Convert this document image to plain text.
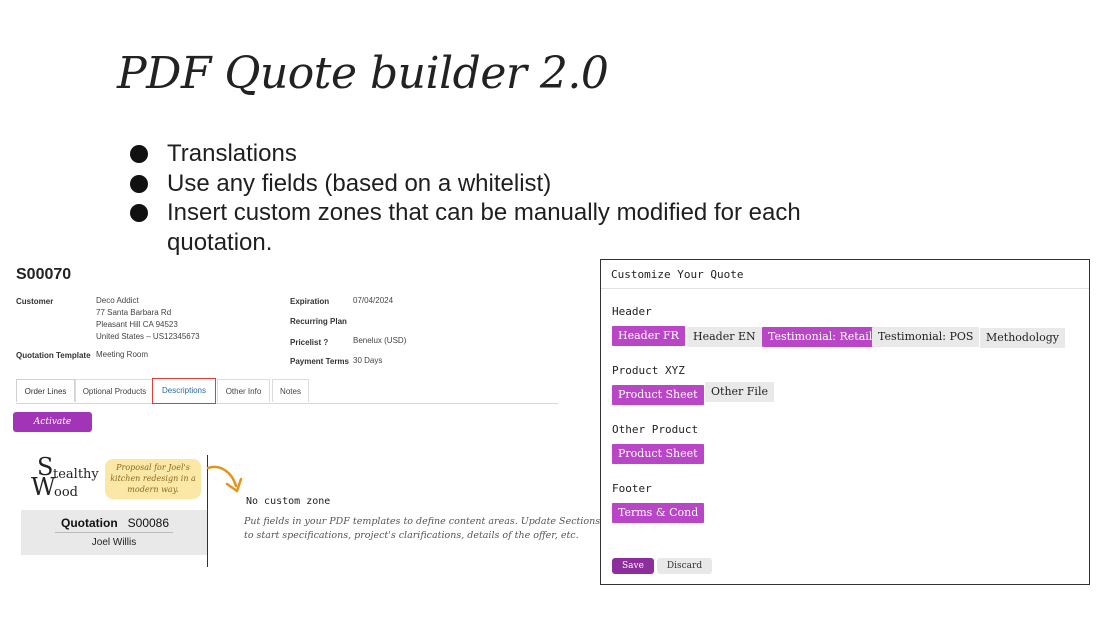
PDF Quote builder 2.0
Translations
Use any fields (based on a whitelist)
Insert custom zones that can be manually modified for each quotation.
S00070
Customer	Deco Addict
77 Santa Barbara Rd
Pleasant Hill CA 94523
United States – US12345673
Quotation Template Meeting Room
Expiration	07/04/2024
Recurring Plan
Pricelist ?	Benelux (USD)
Payment Terms 30 Days
Order Lines	Optional Products	Descriptions	Other Info	Notes
Activate
S tealthy
W
ood
Proposal for Joel's kitchen redesign in a modern way.
Quotation S00086
Joel Willis
No custom zone
Put fields in your PDF templates to define content areas. Update Sections to start specifications, project's clarifications, details of the offer, etc.
Customize Your Quote
Header
Header FR	Header EN	Testimonial: Retail Testimonial: POS	Methodology
Product XYZ
Product Sheet	Other File
Other Product
Product Sheet
Footer
Terms & Cond
Save	Discard
